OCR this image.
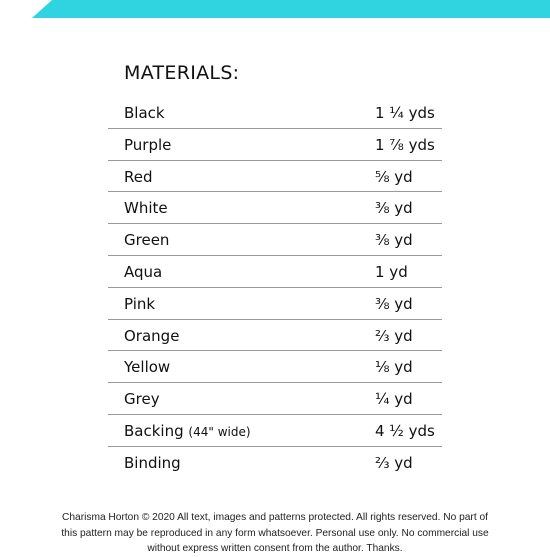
MATERIALS:
Black	1 ¼ yds
Purple	1 ⅞ yds
Red	⅝ yd
White	⅜ yd
Green	⅜ yd
Aqua	1 yd
Pink	⅜ yd
Orange	⅔ yd
Yellow	⅛ yd
Grey	¼ yd
Backing (44" wide)	4 ½ yds
Binding	⅔ yd
Charisma Horton © 2020 All text, images and patterns protected. All rights reserved. No part of
this pattern may be reproduced in any form whatsoever. Personal use only. No commercial use
without express written consent from the author. Thanks.
